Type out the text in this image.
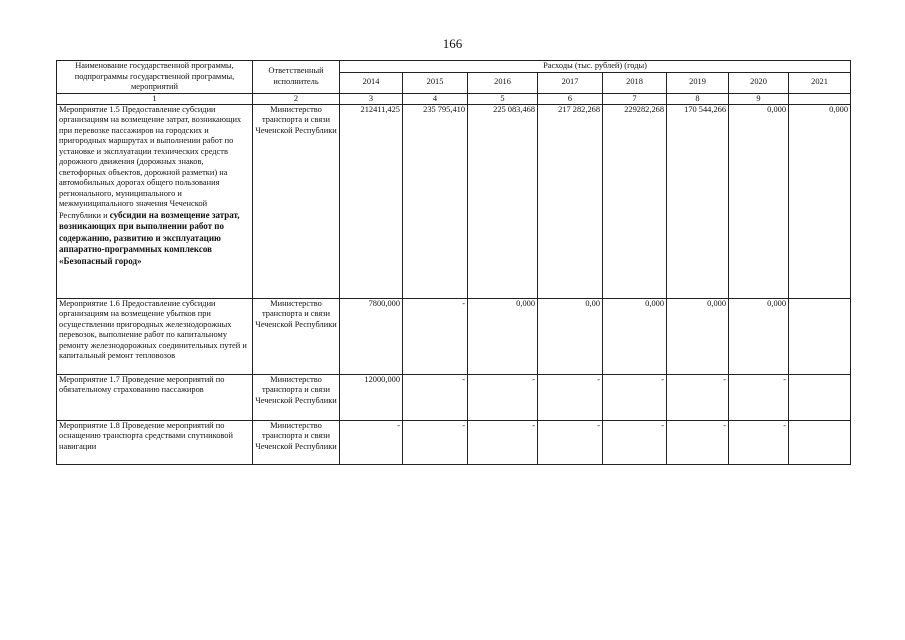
166
Наименование государственной программы, подпрограммы государственной программы, мероприятий	Ответственный исполнитель	Расходы (тыс. рублей) (годы)							
		2014	2015	2016	2017	2018	2019	2020	2021
1	2	3	4	5	6	7	8	9	
Мероприятие 1.5 Предоставление субсидии организациям на возмещение затрат, возникающих при перевозке пассажиров на городских и пригородных маршрутах и выполнении работ по установке и эксплуатации технических средств дорожного движения (дорожных знаков, светофорных объектов, дорожной разметки) на автомобильных дорогах общего пользования регионального, муниципального и межмуниципального значения Чеченской Республики и субсидии на возмещение затрат, возникающих при выполнении работ по содержанию, развитию и эксплуатацию аппаратно-программных комплексов «Безопасный город»	Министерство транспорта и связи Чеченской Республики	212411,425	235 795,410	225 083,468	217 282,268	229282,268	170 544,266	0,000	0,000
Мероприятие 1.6 Предоставление субсидии организациям на возмещение убытков при осуществлении пригородных железнодорожных перевозок, выполнение работ по капитальному ремонту железнодорожных соединительных путей и капитальный ремонт тепловозов	Министерство транспорта и связи Чеченской Республики	7800,000	-	0,000	0,00	0,000	0,000	0,000	
Мероприятие 1.7 Проведение мероприятий по обязательному страхованию пассажиров	Министерство транспорта и связи Чеченской Республики	12000,000	-	-	-	-	-	-	
Мероприятие 1.8 Проведение мероприятий по оснащению транспорта средствами спутниковой навигации	Министерство транспорта и связи Чеченской Республики	-	-	-	-	-	-	-	
